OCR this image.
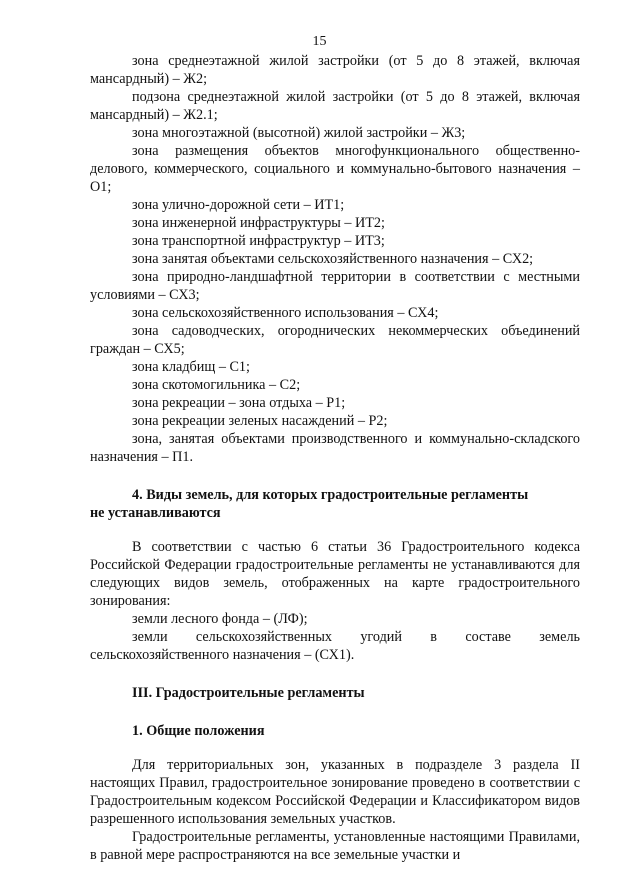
15

зона среднеэтажной жилой застройки (от 5 до 8 этажей, включая мансардный) – Ж2;

подзона среднеэтажной жилой застройки (от 5 до 8 этажей, включая мансардный) – Ж2.1;

зона многоэтажной (высотной) жилой застройки – Ж3;

зона размещения объектов многофункционального общественно-делового, коммерческого, социального и коммунально-бытового назначения – О1;

зона улично-дорожной сети – ИТ1;

зона инженерной инфраструктуры – ИТ2;

зона транспортной инфраструктур – ИТ3;

зона занятая объектами сельскохозяйственного назначения – СХ2;

зона природно-ландшафтной территории в соответствии с местными условиями – СХ3;

зона сельскохозяйственного использования – СХ4;

зона садоводческих, огороднических некоммерческих объединений граждан – СХ5;

зона кладбищ – С1;

зона скотомогильника – С2;

зона рекреации – зона отдыха – Р1;

зона рекреации зеленых насаждений – Р2;

зона, занятая объектами производственного и коммунально-складского назначения – П1.

4. Виды земель, для которых градостроительные регламенты
не устанавливаются

В соответствии с частью 6 статьи 36 Градостроительного кодекса Российской Федерации градостроительные регламенты не устанавливаются для следующих видов земель, отображенных на карте градостроительного зонирования:

земли лесного фонда – (ЛФ);

земли сельскохозяйственных угодий в составе земель сельскохозяйственного назначения – (СХ1).

III. Градостроительные регламенты

1. Общие положения

Для территориальных зон, указанных в подразделе 3 раздела II настоящих Правил, градостроительное зонирование проведено в соответствии с Градостроительным кодексом Российской Федерации и Классификатором видов разрешенного использования земельных участков.

Градостроительные регламенты, установленные настоящими Правилами, в равной мере распространяются на все земельные участки и
